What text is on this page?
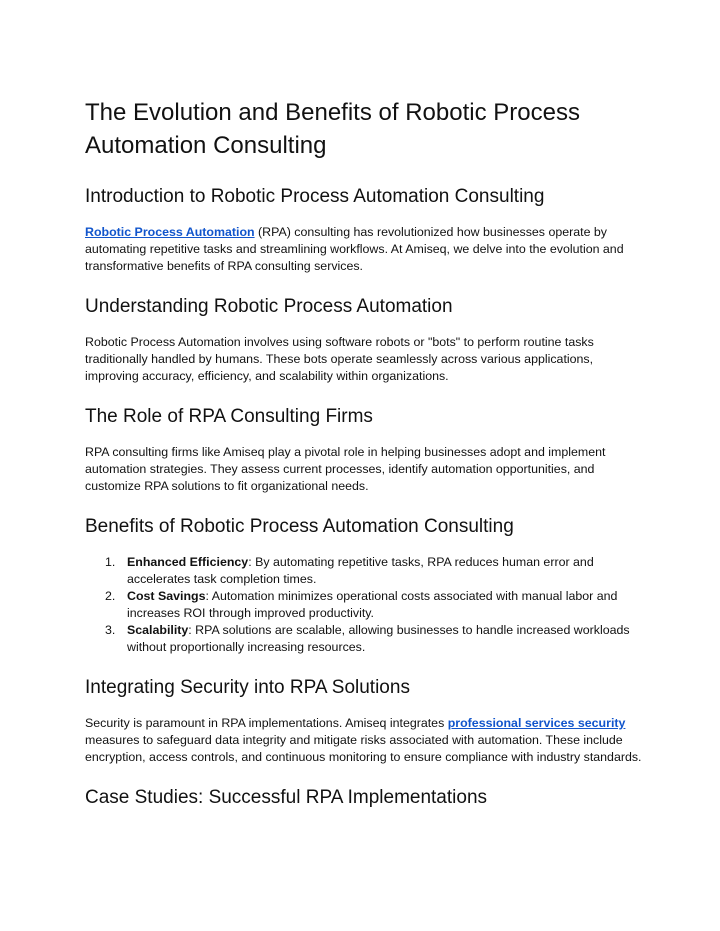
The Evolution and Benefits of Robotic Process Automation Consulting
Introduction to Robotic Process Automation Consulting

Robotic Process Automation (RPA) consulting has revolutionized how businesses operate by automating repetitive tasks and streamlining workflows. At Amiseq, we delve into the evolution and transformative benefits of RPA consulting services.

Understanding Robotic Process Automation

Robotic Process Automation involves using software robots or "bots" to perform routine tasks traditionally handled by humans. These bots operate seamlessly across various applications, improving accuracy, efficiency, and scalability within organizations.

The Role of RPA Consulting Firms

RPA consulting firms like Amiseq play a pivotal role in helping businesses adopt and implement automation strategies. They assess current processes, identify automation opportunities, and customize RPA solutions to fit organizational needs.

Benefits of Robotic Process Automation Consulting
1. Enhanced Efficiency: By automating repetitive tasks, RPA reduces human error and accelerates task completion times.
2. Cost Savings: Automation minimizes operational costs associated with manual labor and increases ROI through improved productivity.
3. Scalability: RPA solutions are scalable, allowing businesses to handle increased workloads without proportionally increasing resources.
Integrating Security into RPA Solutions

Security is paramount in RPA implementations. Amiseq integrates professional services security measures to safeguard data integrity and mitigate risks associated with automation. These include encryption, access controls, and continuous monitoring to ensure compliance with industry standards.

Case Studies: Successful RPA Implementations
